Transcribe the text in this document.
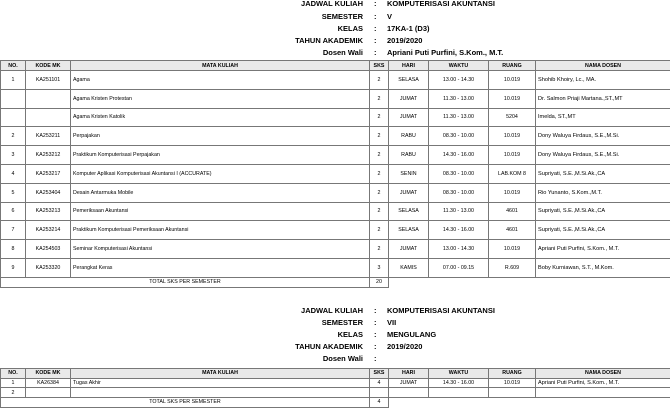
JADWAL KULIAH : KOMPUTERISASI AKUNTANSI
SEMESTER : V
KELAS : 17KA-1 (D3)
TAHUN AKADEMIK : 2019/2020
Dosen Wali : Apriani Puti Purfini, S.Kom., M.T.
NO.	KODE MK	MATA KULIAH	SKS	HARI	WAKTU	RUANG	NAMA DOSEN
1	KA251101	Agama	2	SELASA	13.00 - 14.30	10.019	Shohib Khoiry, Lc., MA.
		Agama Kristen Protestan	2	JUMAT	11.30 - 13.00	10.019	Dr. Salmon Priaji Martana.,ST.,MT
		Agama Kristen Katolik	2	JUMAT	11.30 - 13.00	5204	Imelda, ST.,MT
2	KA253211	Perpajakan	2	RABU	08.30 - 10.00	10.019	Dony Waluya Firdaus, S.E.,M.Si.
3	KA253212	Praktikum Komputerisasi Perpajakan	2	RABU	14.30 - 16.00	10.019	Dony Waluya Firdaus, S.E.,M.Si.
4	KA253217	Komputer Aplikasi Komputerisasi Akuntansi I (ACCURATE)	2	SENIN	08.30 - 10.00	LAB.KOM 8	Supriyati, S.E.,M.Si.Ak.,CA
5	KA253404	Desain Antarmuka Mobile	2	JUMAT	08.30 - 10.00	10.019	Rio Yunanto, S.Kom.,M.T.
6	KA253213	Pemeriksaan Akuntansi	2	SELASA	11.30 - 13.00	4601	Supriyati, S.E.,M.Si.Ak.,CA
7	KA253214	Praktikum Komputerisasi Pemeriksaan Akuntansi	2	SELASA	14.30 - 16.00	4601	Supriyati, S.E.,M.Si.Ak.,CA
8	KA254503	Seminar Komputerisasi Akuntansi	2	JUMAT	13.00 - 14.30	10.019	Apriani Puti Purfini, S.Kom., M.T.
9	KA253320	Perangkat Keras	3	KAMIS	07.00 - 09.15	R.609	Boby Kurniawan, S.T., M.Kom.
TOTAL SKS PER SEMESTER			20				
JADWAL KULIAH : KOMPUTERISASI AKUNTANSI
SEMESTER : VII
KELAS : MENGULANG
TAHUN AKADEMIK : 2019/2020
Dosen Wali :
NO.	KODE MK	MATA KULIAH	SKS	HARI	WAKTU	RUANG	NAMA DOSEN
1	KA26384	Tugas Akhir	4	JUMAT	14.30 - 16.00	10.019	Apriani Puti Purfini, S.Kom., M.T.
2							
TOTAL SKS PER SEMESTER			4				
